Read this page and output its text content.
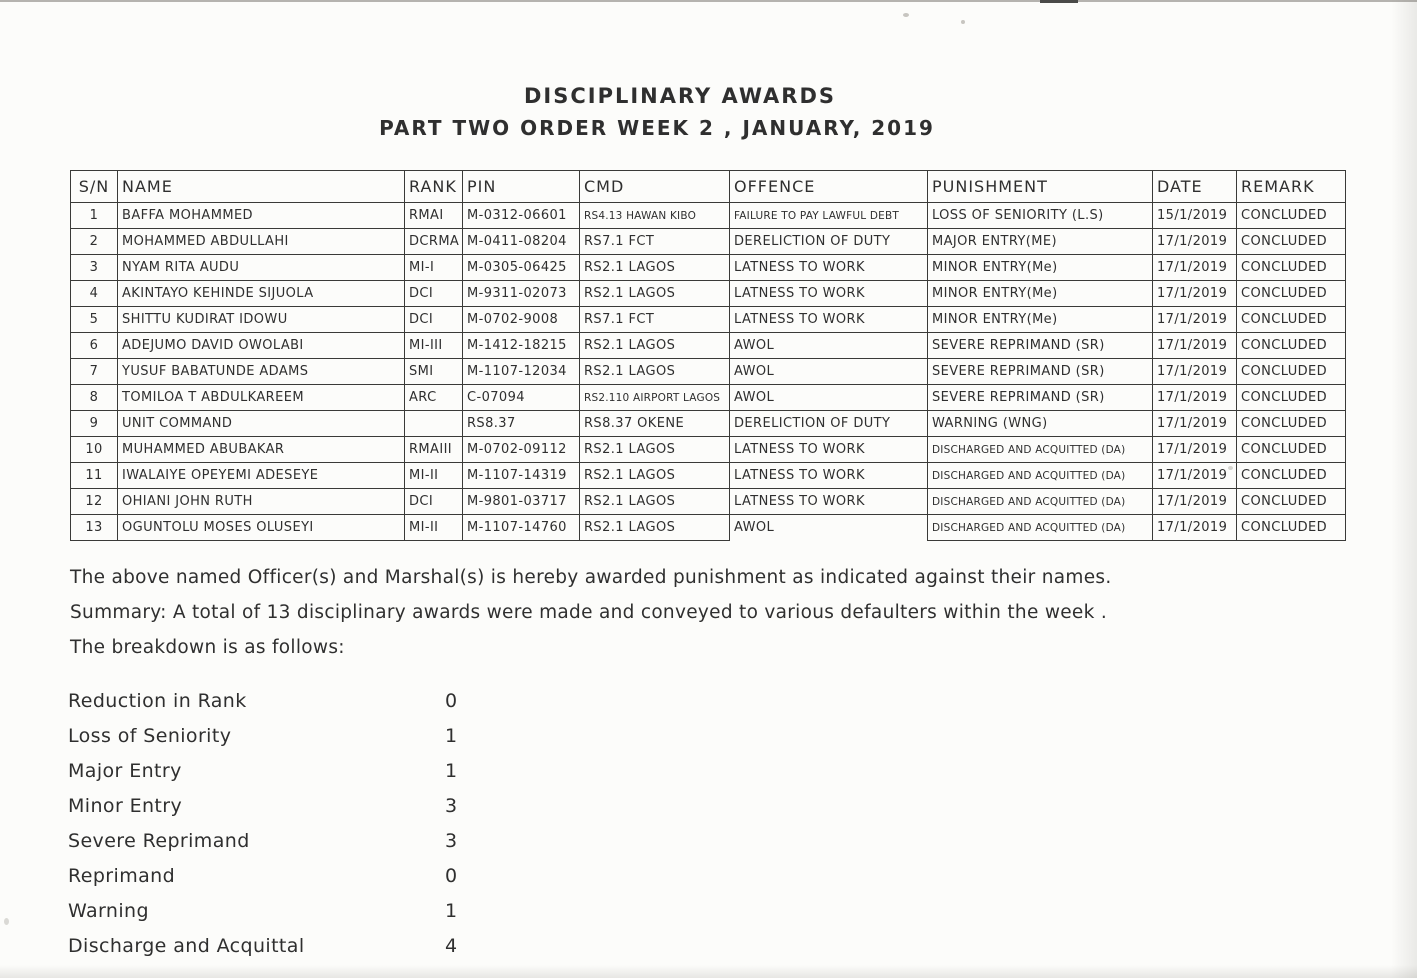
DISCIPLINARY AWARDS
PART TWO ORDER WEEK 2 , JANUARY, 2019
S/N	NAME	RANK	PIN	CMD	OFFENCE	PUNISHMENT	DATE	REMARK
1	BAFFA MOHAMMED	RMAI	M-0312-06601	RS4.13 HAWAN KIBO	FAILURE TO PAY LAWFUL DEBT	LOSS OF SENIORITY (L.S)	15/1/2019	CONCLUDED
2	MOHAMMED ABDULLAHI	DCRMA	M-0411-08204	RS7.1 FCT	DERELICTION OF DUTY	MAJOR ENTRY(ME)	17/1/2019	CONCLUDED
3	NYAM RITA AUDU	MI-I	M-0305-06425	RS2.1 LAGOS	LATNESS TO WORK	MINOR ENTRY(Me)	17/1/2019	CONCLUDED
4	AKINTAYO KEHINDE SIJUOLA	DCI	M-9311-02073	RS2.1 LAGOS	LATNESS TO WORK	MINOR ENTRY(Me)	17/1/2019	CONCLUDED
5	SHITTU KUDIRAT IDOWU	DCI	M-0702-9008	RS7.1 FCT	LATNESS TO WORK	MINOR ENTRY(Me)	17/1/2019	CONCLUDED
6	ADEJUMO DAVID OWOLABI	MI-III	M-1412-18215	RS2.1 LAGOS	AWOL	SEVERE REPRIMAND (SR)	17/1/2019	CONCLUDED
7	YUSUF BABATUNDE ADAMS	SMI	M-1107-12034	RS2.1 LAGOS	AWOL	SEVERE REPRIMAND (SR)	17/1/2019	CONCLUDED
8	TOMILOA T ABDULKAREEM	ARC	C-07094	RS2.110 AIRPORT LAGOS	AWOL	SEVERE REPRIMAND (SR)	17/1/2019	CONCLUDED
9	UNIT COMMAND		RS8.37	RS8.37 OKENE	DERELICTION OF DUTY	WARNING (WNG)	17/1/2019	CONCLUDED
10	MUHAMMED ABUBAKAR	RMAIII	M-0702-09112	RS2.1 LAGOS	LATNESS TO WORK	DISCHARGED AND ACQUITTED (DA)	17/1/2019	CONCLUDED
11	IWALAIYE OPEYEMI ADESEYE	MI-II	M-1107-14319	RS2.1 LAGOS	LATNESS TO WORK	DISCHARGED AND ACQUITTED (DA)	17/1/2019	CONCLUDED
12	OHIANI JOHN RUTH	DCI	M-9801-03717	RS2.1 LAGOS	LATNESS TO WORK	DISCHARGED AND ACQUITTED (DA)	17/1/2019	CONCLUDED
13	OGUNTOLU MOSES OLUSEYI	MI-II	M-1107-14760	RS2.1 LAGOS	AWOL	DISCHARGED AND ACQUITTED (DA)	17/1/2019	CONCLUDED
The above named Officer(s) and Marshal(s) is hereby awarded punishment as indicated against their names.
Summary: A total of 13 disciplinary awards were made and conveyed to various defaulters within the week .
The breakdown is as follows:
Reduction in Rank	0
Loss of Seniority	1
Major Entry	1
Minor Entry	3
Severe Reprimand	3
Reprimand	0
Warning	1
Discharge and Acquittal	4
